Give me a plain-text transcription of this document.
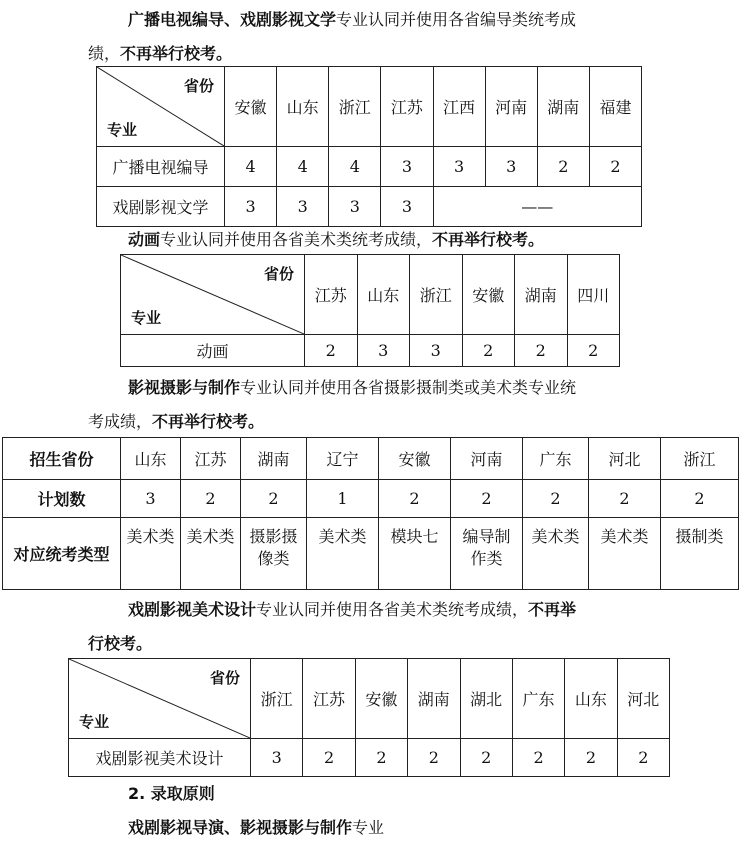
广播电视编导、戏剧影视文学专业认同并使用各省编导类统考成
绩，不再举行校考。
省份
专业	安徽	山东	浙江	江苏	江西	河南	湖南	福建
广播电视编导	4	4	4	3	3	3	2	2
戏剧影视文学	3	3	3	3	——			
动画专业认同并使用各省美术类统考成绩，不再举行校考。
省份
专业	江苏	山东	浙江	安徽	湖南	四川
动画	2	3	3	2	2	2
影视摄影与制作专业认同并使用各省摄影摄制类或美术类专业统
考成绩，不再举行校考。
招生省份	山东	江苏	湖南	辽宁	安徽	河南	广东	河北	浙江
计划数	3	2	2	1	2	2	2	2	2
对应统考类型	美术类	美术类	摄影摄像类	美术类	模块七	编导制作类	美术类	美术类	摄制类
戏剧影视美术设计专业认同并使用各省美术类统考成绩，不再举
行校考。
省份
专业	浙江	江苏	安徽	湖南	湖北	广东	山东	河北
戏剧影视美术设计	3	2	2	2	2	2	2	2
2. 录取原则
戏剧影视导演、影视摄影与制作专业
